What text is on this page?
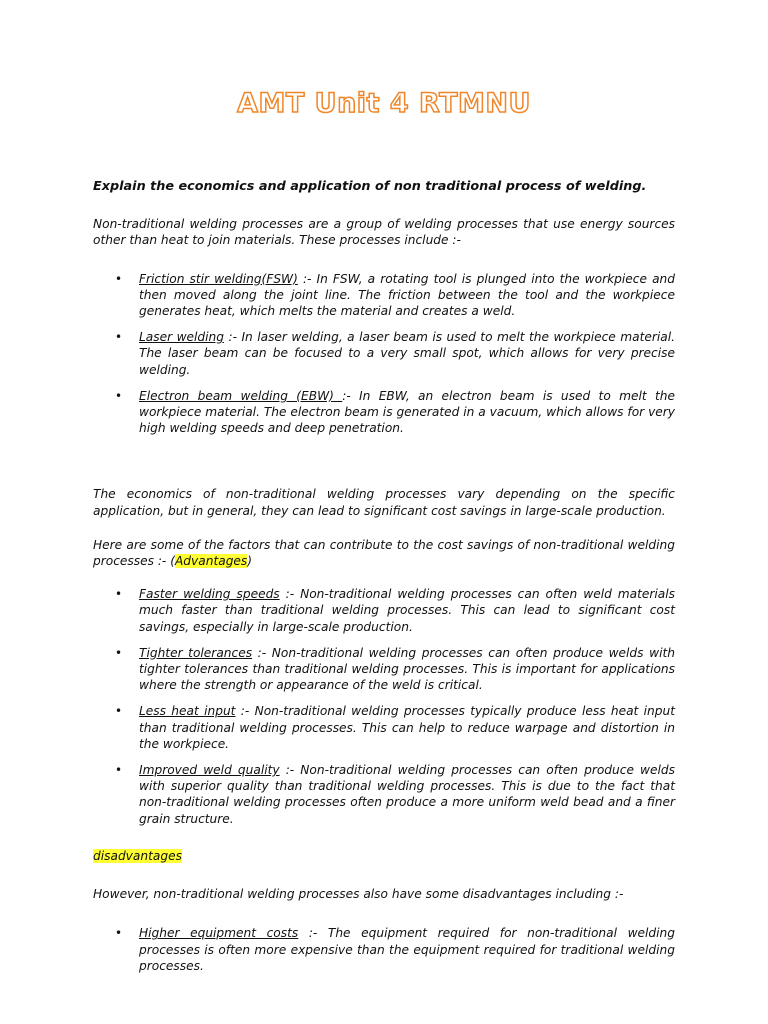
AMT Unit 4 RTMNU

Explain the economics and application of non traditional process of welding.

Non-traditional welding processes are a group of welding processes that use energy sources other than heat to join materials. These processes include :-

• Friction stir welding(FSW) :- In FSW, a rotating tool is plunged into the workpiece and then moved along the joint line. The friction between the tool and the workpiece generates heat, which melts the material and creates a weld.
• Laser welding :- In laser welding, a laser beam is used to melt the workpiece material. The laser beam can be focused to a very small spot, which allows for very precise welding.
• Electron beam welding (EBW) :- In EBW, an electron beam is used to melt the workpiece material. The electron beam is generated in a vacuum, which allows for very high welding speeds and deep penetration.

The economics of non-traditional welding processes vary depending on the specific application, but in general, they can lead to significant cost savings in large-scale production.

Here are some of the factors that can contribute to the cost savings of non-traditional welding processes :- (Advantages)

• Faster welding speeds :- Non-traditional welding processes can often weld materials much faster than traditional welding processes. This can lead to significant cost savings, especially in large-scale production.
• Tighter tolerances :- Non-traditional welding processes can often produce welds with tighter tolerances than traditional welding processes. This is important for applications where the strength or appearance of the weld is critical.
• Less heat input :- Non-traditional welding processes typically produce less heat input than traditional welding processes. This can help to reduce warpage and distortion in the workpiece.
• Improved weld quality :- Non-traditional welding processes can often produce welds with superior quality than traditional welding processes. This is due to the fact that non-traditional welding processes often produce a more uniform weld bead and a finer grain structure.

disadvantages

However, non-traditional welding processes also have some disadvantages including :-

• Higher equipment costs :- The equipment required for non-traditional welding processes is often more expensive than the equipment required for traditional welding processes.
